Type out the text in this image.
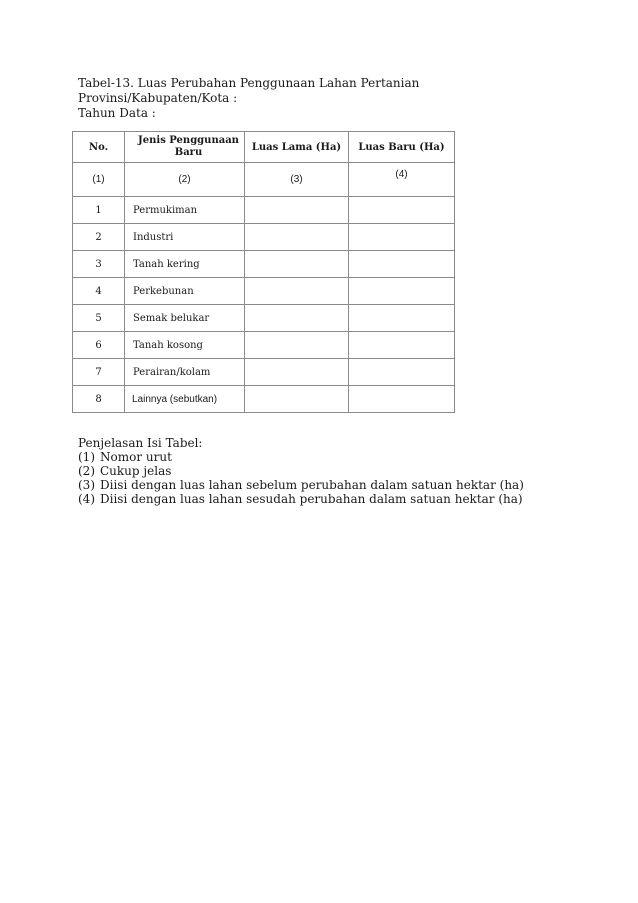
Tabel-13. Luas Perubahan Penggunaan Lahan Pertanian
Provinsi/Kabupaten/Kota :
Tahun Data :
No.	Jenis Penggunaan Baru	Luas Lama (Ha)	Luas Baru (Ha)
(1)	(2)	(3)	(4)
1	Permukiman		
2	Industri		
3	Tanah kering		
4	Perkebunan		
5	Semak belukar		
6	Tanah kosong		
7	Perairan/kolam		
8	Lainnya (sebutkan)		
Penjelasan Isi Tabel:
(1) Nomor urut
(2) Cukup jelas
(3) Diisi dengan luas lahan sebelum perubahan dalam satuan hektar (ha)
(4) Diisi dengan luas lahan sesudah perubahan dalam satuan hektar (ha)
